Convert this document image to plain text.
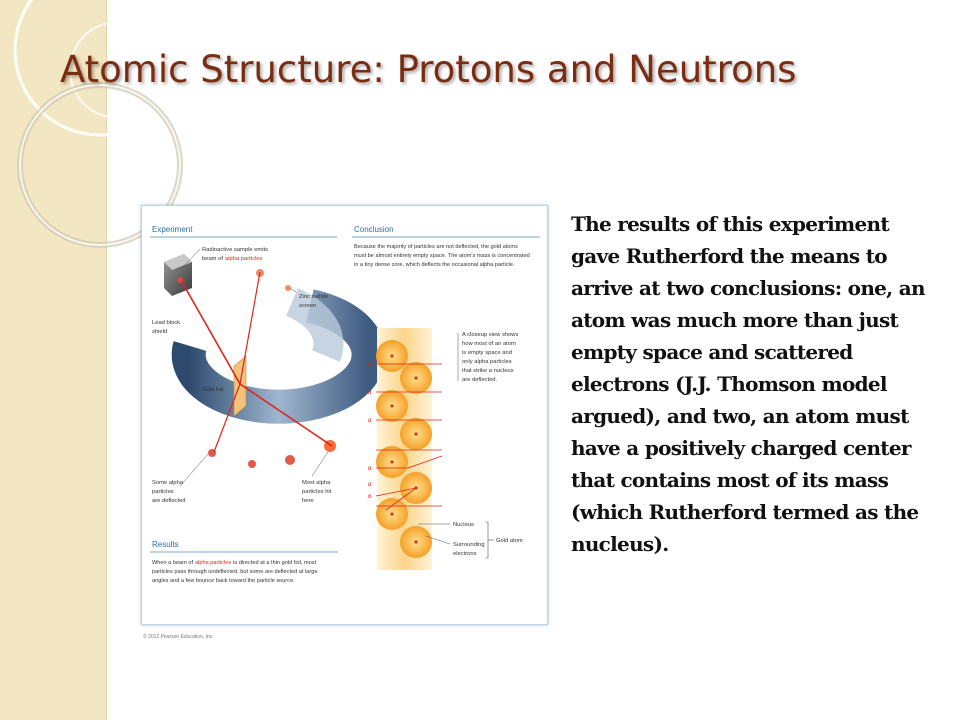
Atomic Structure: Protons and Neutrons
Experiment	Conclusion
Because the majority of particles are not deflected, the gold atoms
must be almost entirely empty space. The atom's mass is concentrated
in a tiny dense core, which deflects the occasional alpha particle.
Radioactive sample emits
beam of alpha particles
Lead block
shield
Zinc sulfide
screen
Gold foil
Some alpha
particles
are deflected
Most alpha
particles hit
here
α
α
α
α
α
α
A closeup view shows
how most of an atom
is empty space and
only alpha particles
that strike a nucleus
are deflected.
Nucleus
Surrounding
electrons
Gold atom
Results
When a beam of alpha particles is directed at a thin gold foil, most
particles pass through undeflected, but some are deflected at large
angles and a few bounce back toward the particle source.
© 2012 Pearson Education, Inc.

The results of this experiment gave Rutherford the means to arrive at two conclusions: one, an atom was much more than just empty space and scattered electrons (J.J. Thomson model argued), and two, an atom must have a positively charged center that contains most of its mass (which Rutherford termed as the nucleus).
